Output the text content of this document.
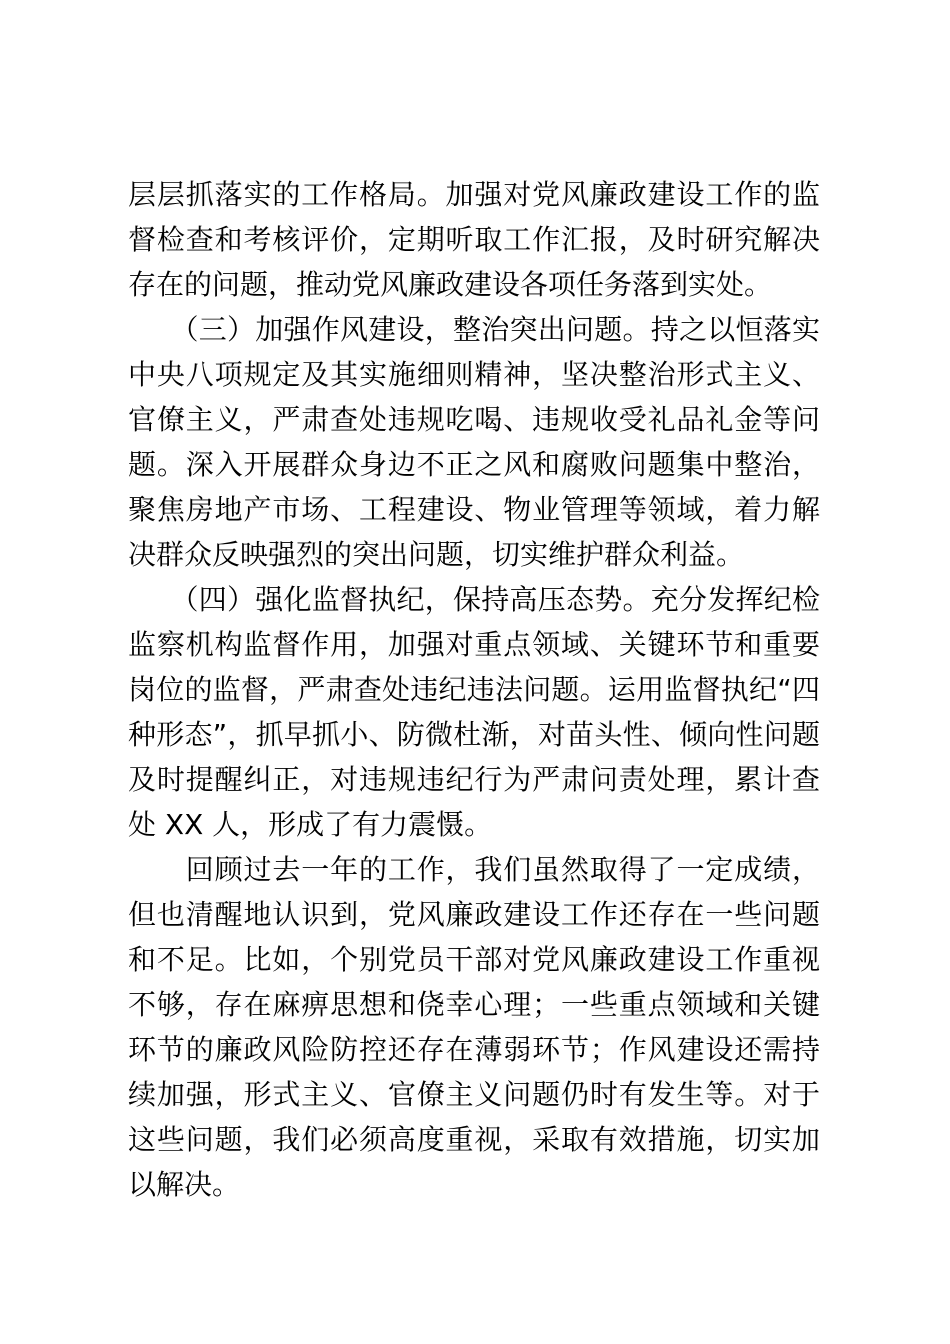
层层抓落实的工作格局。加强对党风廉政建设工作的监督检查和考核评价，定期听取工作汇报，及时研究解决存在的问题，推动党风廉政建设各项任务落到实处。

　　（三）加强作风建设，整治突出问题。持之以恒落实中央八项规定及其实施细则精神，坚决整治形式主义、官僚主义，严肃查处违规吃喝、违规收受礼品礼金等问题。深入开展群众身边不正之风和腐败问题集中整治，聚焦房地产市场、工程建设、物业管理等领域，着力解决群众反映强烈的突出问题，切实维护群众利益。

　　（四）强化监督执纪，保持高压态势。充分发挥纪检监察机构监督作用，加强对重点领域、关键环节和重要岗位的监督，严肃查处违纪违法问题。运用监督执纪“四种形态”，抓早抓小、防微杜渐，对苗头性、倾向性问题及时提醒纠正，对违规违纪行为严肃问责处理，累计查处 XX 人，形成了有力震慑。

　　回顾过去一年的工作，我们虽然取得了一定成绩，但也清醒地认识到，党风廉政建设工作还存在一些问题和不足。比如，个别党员干部对党风廉政建设工作重视不够，存在麻痹思想和侥幸心理；一些重点领域和关键环节的廉政风险防控还存在薄弱环节；作风建设还需持续加强，形式主义、官僚主义问题仍时有发生等。对于这些问题，我们必须高度重视，采取有效措施，切实加以解决。
